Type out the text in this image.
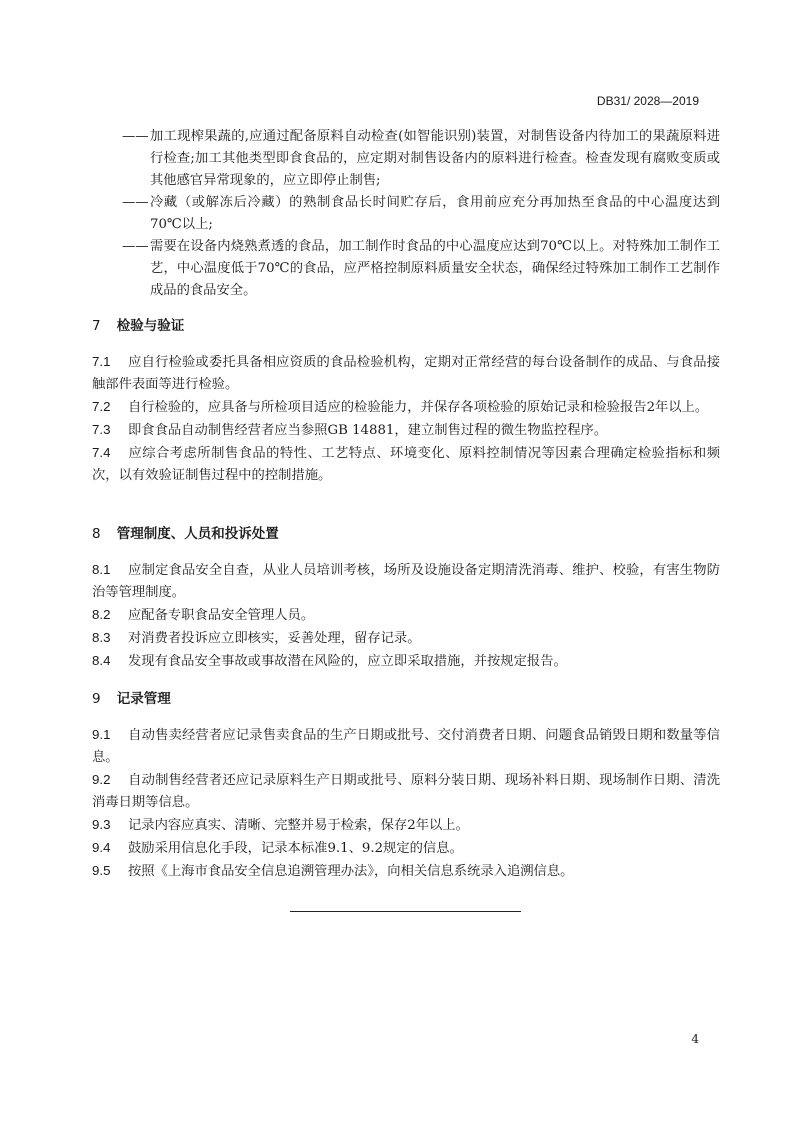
DB31/ 2028—2019
—— 加工现榨果蔬的,应通过配备原料自动检查(如智能识别)装置，对制售设备内待加工的果蔬原料进行检查;加工其他类型即食食品的，应定期对制售设备内的原料进行检查。检查发现有腐败变质或其他感官异常现象的，应立即停止制售;
—— 冷藏（或解冻后冷藏）的熟制食品长时间贮存后，食用前应充分再加热至食品的中心温度达到70℃以上;
—— 需要在设备内烧熟煮透的食品，加工制作时食品的中心温度应达到70℃以上。对特殊加工制作工艺，中心温度低于70℃的食品，应严格控制原料质量安全状态，确保经过特殊加工制作工艺制作成品的食品安全。
7 检验与验证
7.1 应自行检验或委托具备相应资质的食品检验机构，定期对正常经营的每台设备制作的成品、与食品接触部件表面等进行检验。
7.2 自行检验的，应具备与所检项目适应的检验能力，并保存各项检验的原始记录和检验报告2年以上。
7.3 即食食品自动制售经营者应当参照GB 14881，建立制售过程的微生物监控程序。
7.4 应综合考虑所制售食品的特性、工艺特点、环境变化、原料控制情况等因素合理确定检验指标和频次，以有效验证制售过程中的控制措施。
8 管理制度、人员和投诉处置
8.1 应制定食品安全自查，从业人员培训考核，场所及设施设备定期清洗消毒、维护、校验，有害生物防治等管理制度。
8.2 应配备专职食品安全管理人员。
8.3 对消费者投诉应立即核实，妥善处理，留存记录。
8.4 发现有食品安全事故或事故潜在风险的，应立即采取措施，并按规定报告。
9 记录管理
9.1 自动售卖经营者应记录售卖食品的生产日期或批号、交付消费者日期、问题食品销毁日期和数量等信息。
9.2 自动制售经营者还应记录原料生产日期或批号、原料分装日期、现场补料日期、现场制作日期、清洗消毒日期等信息。
9.3 记录内容应真实、清晰、完整并易于检索，保存2年以上。
9.4 鼓励采用信息化手段，记录本标准9.1、9.2规定的信息。
9.5 按照《上海市食品安全信息追溯管理办法》，向相关信息系统录入追溯信息。
4
